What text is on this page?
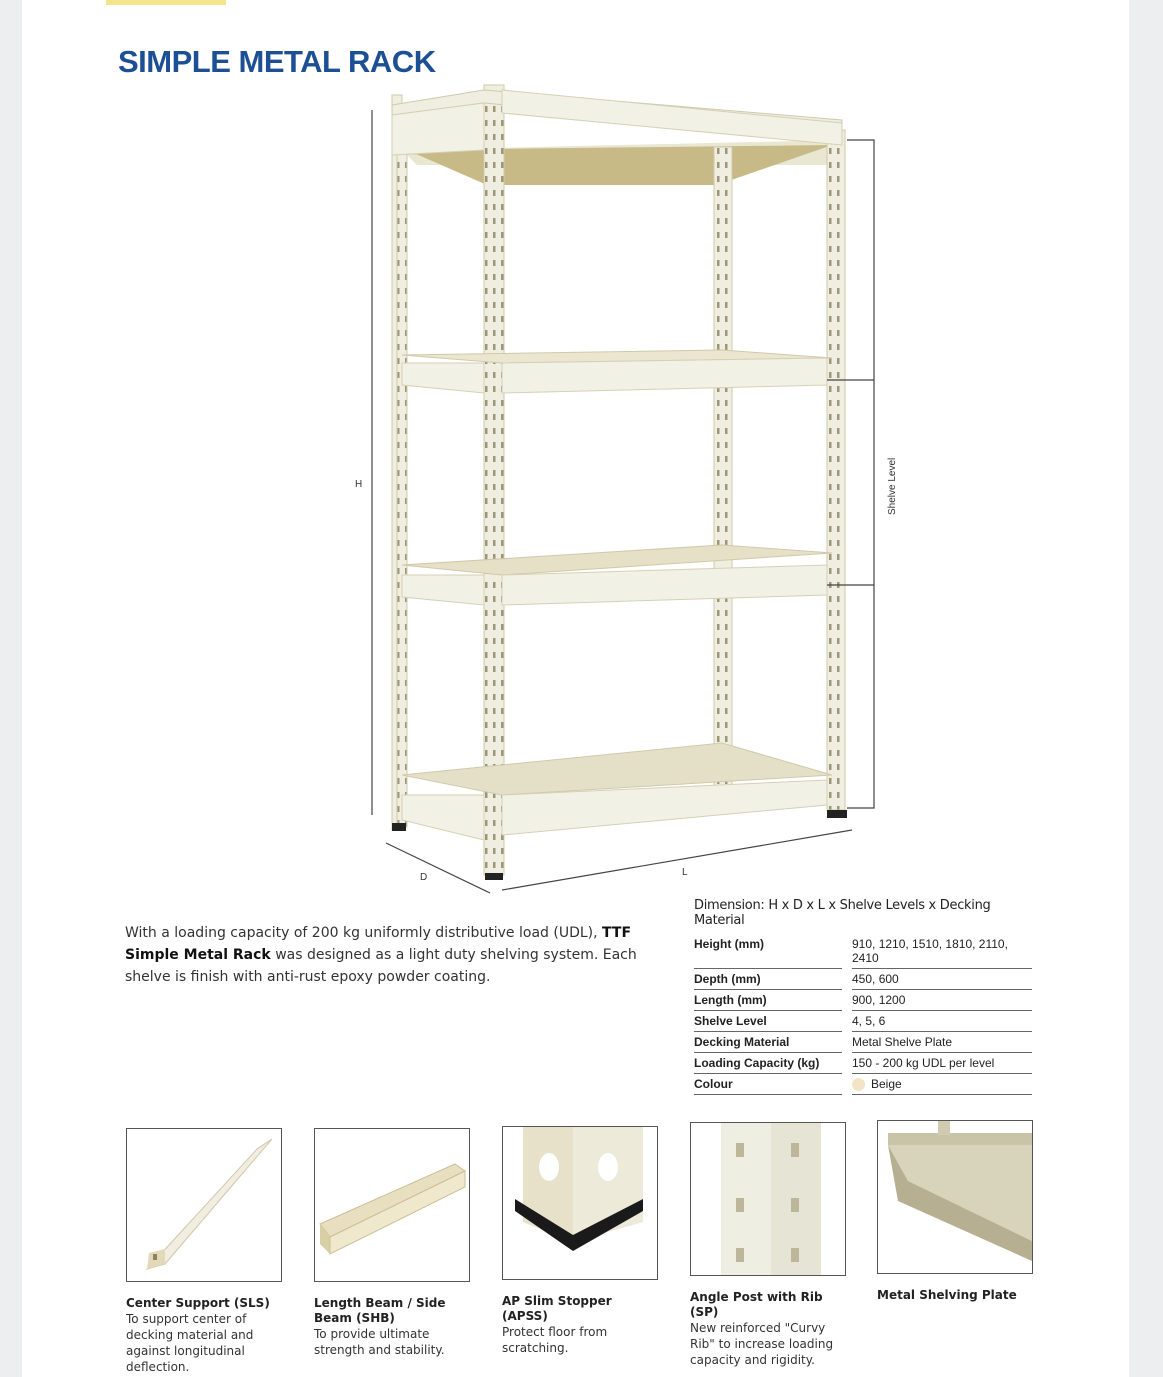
SIMPLE METAL RACK
H
D	L
Shelve Level
With a loading capacity of 200 kg uniformly distributive load (UDL), TTF Simple Metal Rack was designed as a light duty shelving system. Each shelve is finish with anti-rust epoxy powder coating.
Dimension: H x D x L x Shelve Levels x Decking Material
Height (mm)		910, 1210, 1510, 1810, 2110, 2410
Depth (mm)		450, 600
Length (mm)		900, 1200
Shelve Level		4, 5, 6
Decking Material		Metal Shelve Plate
Loading Capacity (kg)		150 - 200 kg UDL per level
Colour		Beige
Center Support (SLS)
To support center of decking material and against longitudinal deflection.
Length Beam / Side Beam (SHB)
To provide ultimate strength and stability.
AP Slim Stopper (APSS)
Protect floor from scratching.
Angle Post with Rib (SP)
New reinforced "Curvy Rib" to increase loading capacity and rigidity.
Metal Shelving Plate
